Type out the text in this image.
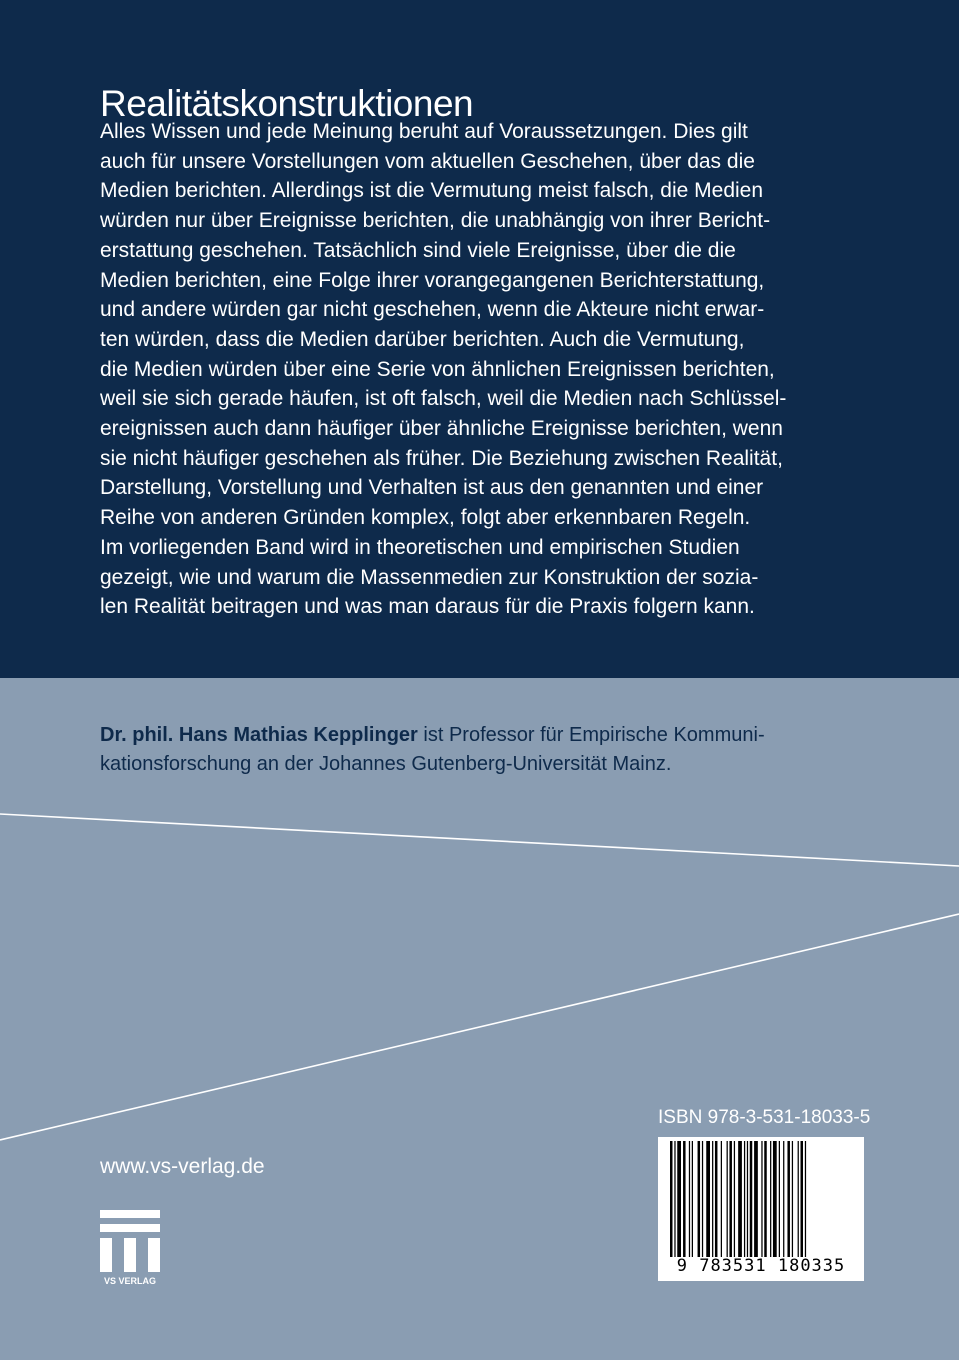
Realitätskonstruktionen
Alles Wissen und jede Meinung beruht auf Voraussetzungen. Dies gilt
auch für unsere Vorstellungen vom aktuellen Geschehen, über das die
Medien berichten. Allerdings ist die Vermutung meist falsch, die Medien
würden nur über Ereignisse berichten, die unabhängig von ihrer Bericht-
erstattung geschehen. Tatsächlich sind viele Ereignisse, über die die
Medien berichten, eine Folge ihrer vorangegangenen Berichterstattung,
und andere würden gar nicht geschehen, wenn die Akteure nicht erwar-
ten würden, dass die Medien darüber berichten. Auch die Vermutung,
die Medien würden über eine Serie von ähnlichen Ereignissen berichten,
weil sie sich gerade häufen, ist oft falsch, weil die Medien nach Schlüssel-
ereignissen auch dann häufiger über ähnliche Ereignisse berichten, wenn
sie nicht häufiger geschehen als früher. Die Beziehung zwischen Realität,
Darstellung, Vorstellung und Verhalten ist aus den genannten und einer
Reihe von anderen Gründen komplex, folgt aber erkennbaren Regeln.
Im vorliegenden Band wird in theoretischen und empirischen Studien
gezeigt, wie und warum die Massenmedien zur Konstruktion der sozia-
len Realität beitragen und was man daraus für die Praxis folgern kann.
Dr. phil. Hans Mathias Kepplinger ist Professor für Empirische Kommuni-
kationsforschung an der Johannes Gutenberg-Universität Mainz.
www.vs-verlag.de
VS VERLAG
ISBN 978-3-531-18033-5
9 783531 180335
